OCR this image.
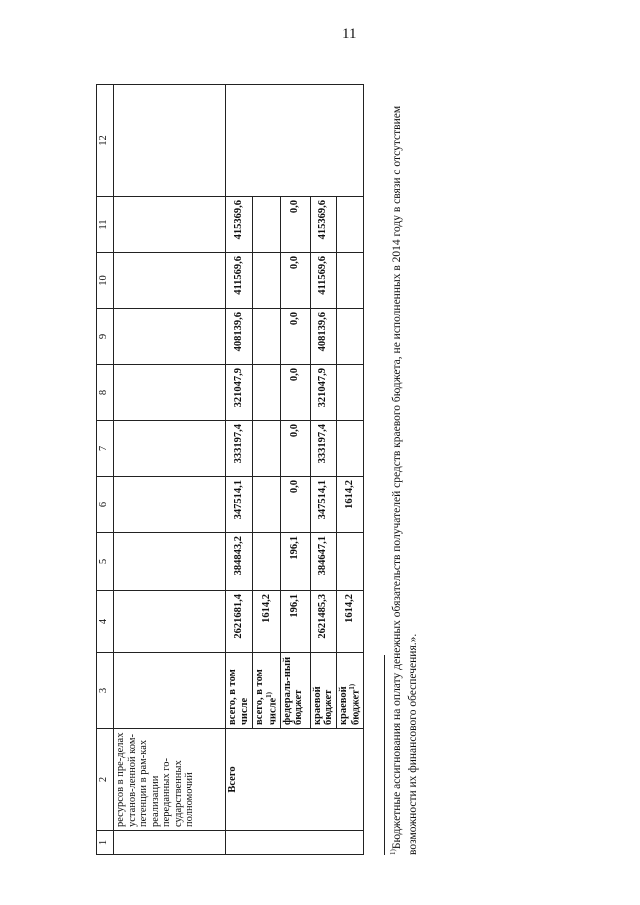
11
1	2	3	4	5	6	7	8	9	10	11	12
	ресурсов в пре-делах установ-ленной ком-петенции в рам-ках реализации переданных го-сударственных полномочий										
	Всего	всего, в том числе	2621681,4	384843,2	347514,1	333197,4	321047,9	408139,6	411569,6	415369,6	
		всего, в том числе$^{1)}$	1614,2								
		федераль-ный бюджет	196,1	196,1	0,0	0,0	0,0	0,0	0,0	0,0	
		краевой бюджет	2621485,3	384647,1	347514,1	333197,4	321047,9	408139,6	411569,6	415369,6	
		краевой бюджет$^{1)}$	1614,2		1614,2						
$^{1)}$Бюджетные ассигнования на оплату денежных обязательств получателей средств краевого бюджета, не исполненных в 2014 году в связи с отсутствием возможности их финансового обеспечения.».
